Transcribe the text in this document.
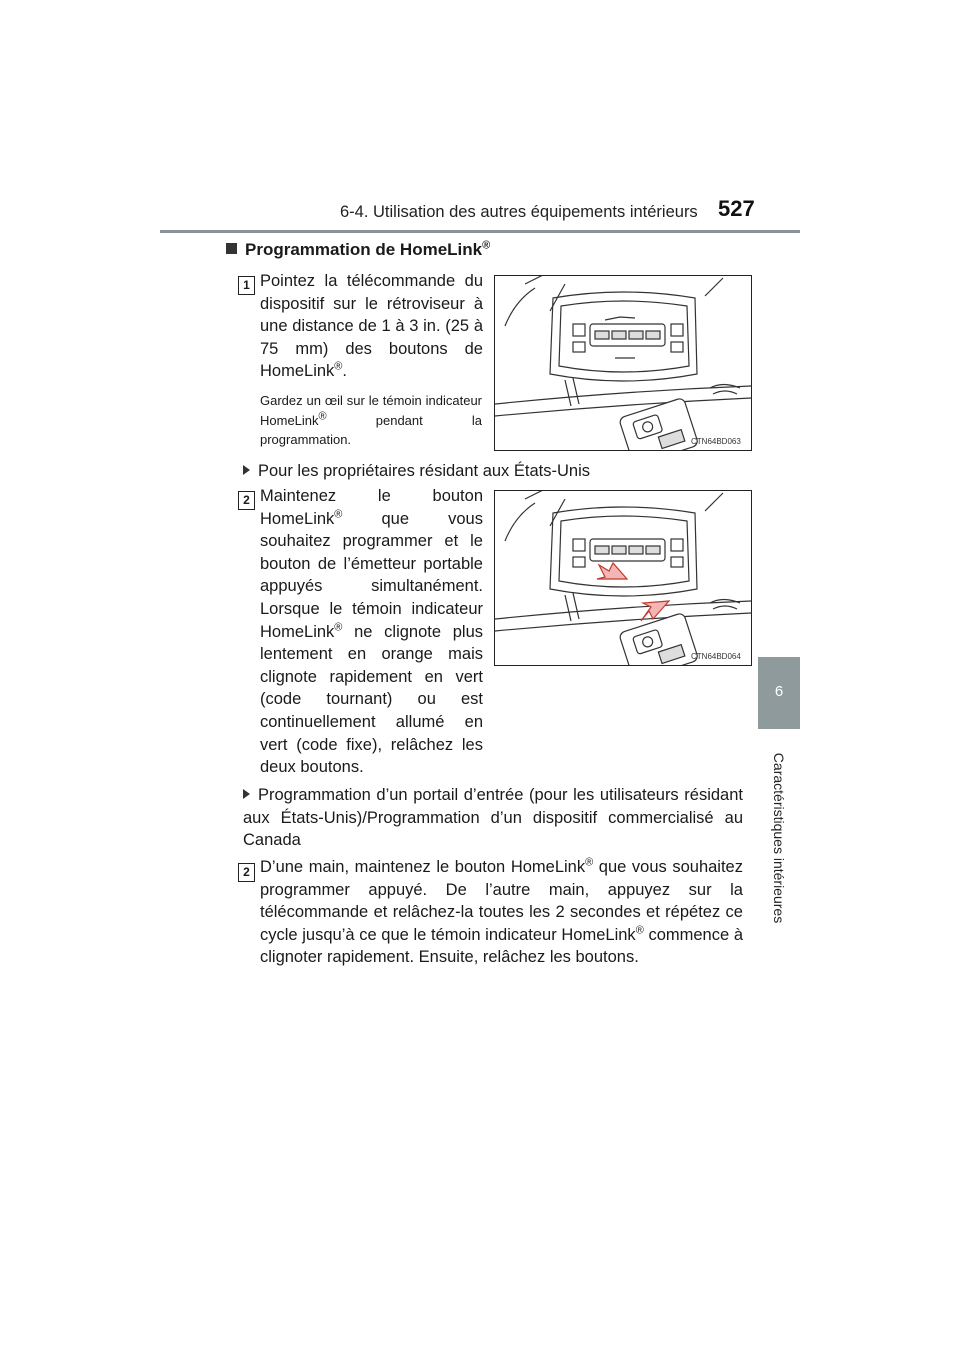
6-4. Utilisation des autres équipements intérieurs 527
6
Caractéristiques intérieures
Programmation de HomeLink®
1 Pointez la télécommande du dispositif sur le rétroviseur à une distance de 1 à 3 in. (25 à 75 mm) des boutons de HomeLink®.
Gardez un œil sur le témoin indicateur HomeLink® pendant la programmation.	CTN64BD063
Pour les propriétaires résidant aux États-Unis
2 Maintenez le bouton HomeLink® que vous souhaitez programmer et le bouton de l’émetteur portable appuyés simultanément. Lorsque le témoin indicateur HomeLink® ne clignote plus lentement en orange mais clignote rapidement en vert (code tournant) ou est continuellement allumé en vert (code fixe), relâchez les deux boutons.
CTN64BD064
Programmation d’un portail d’entrée (pour les utilisateurs résidant aux États-Unis)/Programmation d’un dispositif commercialisé au Canada
2 D’une main, maintenez le bouton HomeLink® que vous souhaitez programmer appuyé. De l’autre main, appuyez sur la télécommande et relâchez-la toutes les 2 secondes et répétez ce cycle jusqu’à ce que le témoin indicateur HomeLink® commence à clignoter rapidement. Ensuite, relâchez les boutons.
